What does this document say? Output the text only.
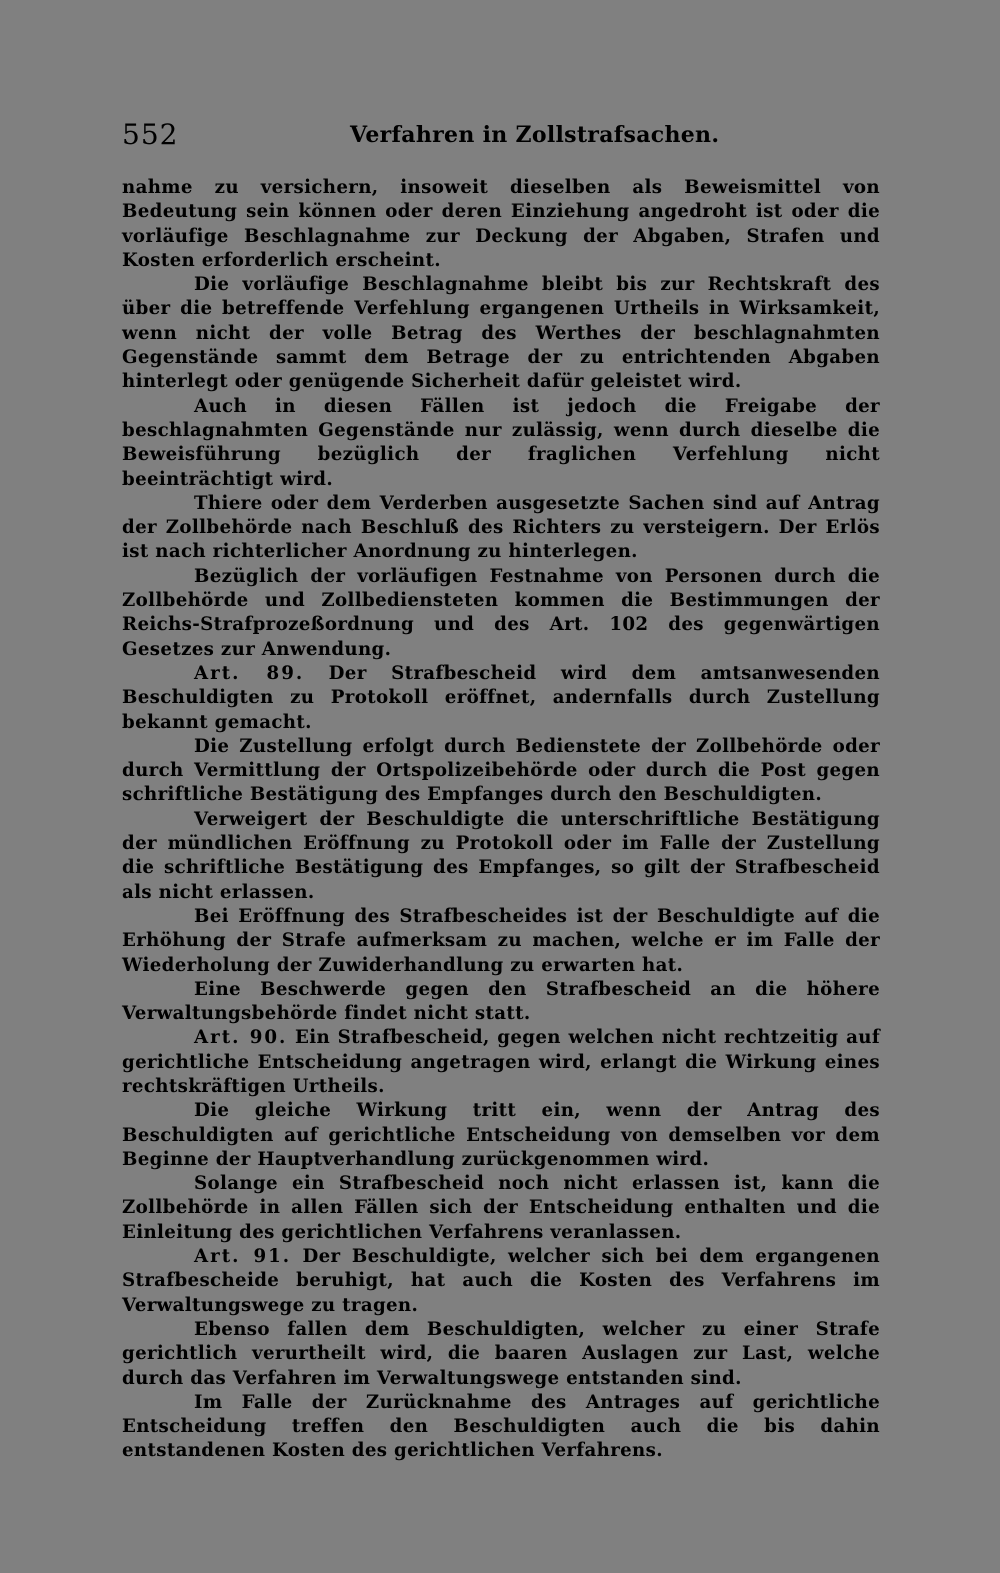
552	Verfahren in Zollstrafsachen.

nahme zu versichern, insoweit dieselben als Beweismittel von Bedeutung sein können oder deren Einziehung angedroht ist oder die vorläufige Beschlagnahme zur Deckung der Abgaben, Strafen und Kosten erforderlich erscheint.

Die vorläufige Beschlagnahme bleibt bis zur Rechtskraft des über die betreffende Verfehlung ergangenen Urtheils in Wirksamkeit, wenn nicht der volle Betrag des Werthes der beschlagnahmten Gegenstände sammt dem Betrage der zu entrichtenden Abgaben hinterlegt oder genügende Sicherheit dafür geleistet wird.

Auch in diesen Fällen ist jedoch die Freigabe der beschlagnahmten Gegenstände nur zulässig, wenn durch dieselbe die Beweisführung bezüglich der fraglichen Verfehlung nicht beeinträchtigt wird.

Thiere oder dem Verderben ausgesetzte Sachen sind auf Antrag der Zollbehörde nach Beschluß des Richters zu versteigern. Der Erlös ist nach richterlicher Anordnung zu hinterlegen.

Bezüglich der vorläufigen Festnahme von Personen durch die Zollbehörde und Zollbediensteten kommen die Bestimmungen der Reichs-Strafprozeßordnung und des Art. 102 des gegenwärtigen Gesetzes zur Anwendung.

Art. 89. Der Strafbescheid wird dem amtsanwesenden Beschuldigten zu Protokoll eröffnet, andernfalls durch Zustellung bekannt gemacht.

Die Zustellung erfolgt durch Bedienstete der Zollbehörde oder durch Vermittlung der Ortspolizeibehörde oder durch die Post gegen schriftliche Bestätigung des Empfanges durch den Beschuldigten.

Verweigert der Beschuldigte die unterschriftliche Bestätigung der mündlichen Eröffnung zu Protokoll oder im Falle der Zustellung die schriftliche Bestätigung des Empfanges, so gilt der Strafbescheid als nicht erlassen.

Bei Eröffnung des Strafbescheides ist der Beschuldigte auf die Erhöhung der Strafe aufmerksam zu machen, welche er im Falle der Wiederholung der Zuwiderhandlung zu erwarten hat.

Eine Beschwerde gegen den Strafbescheid an die höhere Verwaltungsbehörde findet nicht statt.

Art. 90. Ein Strafbescheid, gegen welchen nicht rechtzeitig auf gerichtliche Entscheidung angetragen wird, erlangt die Wirkung eines rechtskräftigen Urtheils.

Die gleiche Wirkung tritt ein, wenn der Antrag des Beschuldigten auf gerichtliche Entscheidung von demselben vor dem Beginne der Hauptverhandlung zurückgenommen wird.

Solange ein Strafbescheid noch nicht erlassen ist, kann die Zollbehörde in allen Fällen sich der Entscheidung enthalten und die Einleitung des gerichtlichen Verfahrens veranlassen.

Art. 91. Der Beschuldigte, welcher sich bei dem ergangenen Strafbescheide beruhigt, hat auch die Kosten des Verfahrens im Verwaltungswege zu tragen.

Ebenso fallen dem Beschuldigten, welcher zu einer Strafe gerichtlich verurtheilt wird, die baaren Auslagen zur Last, welche durch das Verfahren im Verwaltungswege entstanden sind.

Im Falle der Zurücknahme des Antrages auf gerichtliche Entscheidung treffen den Beschuldigten auch die bis dahin entstandenen Kosten des gerichtlichen Verfahrens.
